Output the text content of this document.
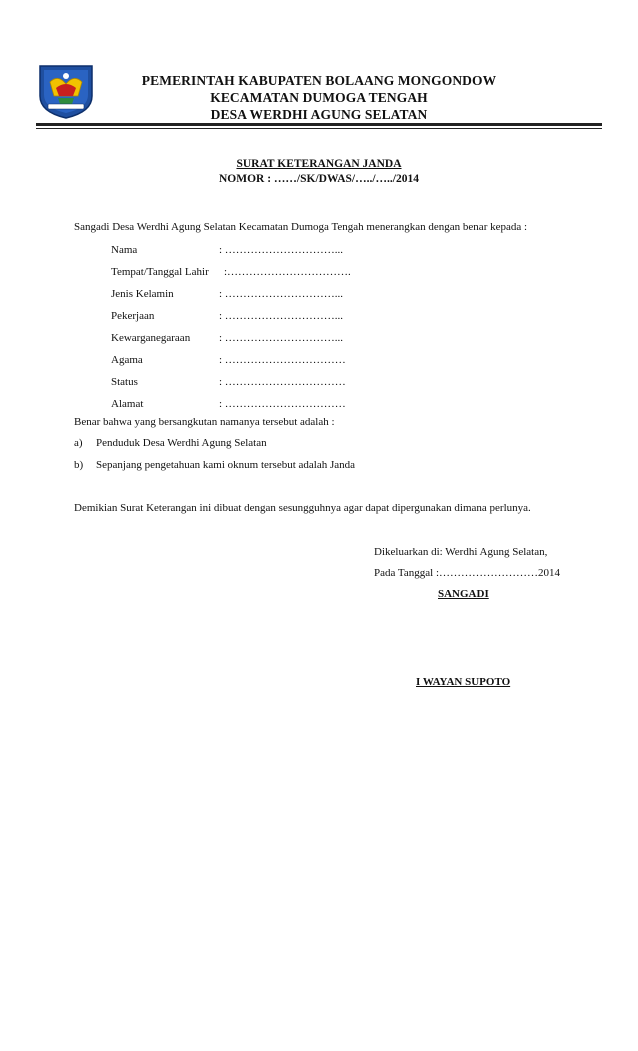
PEMERINTAH KABUPATEN BOLAANG MONGONDOW
KECAMATAN DUMOGA TENGAH
DESA WERDHI AGUNG SELATAN
SURAT KETERANGAN JANDA
NOMOR : ……/SK/DWAS/…../…../2014
Sangadi Desa Werdhi Agung Selatan Kecamatan Dumoga Tengah menerangkan dengan benar kepada :
Nama	: …………………………...
Tempat/Tanggal Lahir :…………………………….
Jenis Kelamin	: …………………………...
Pekerjaan	: …………………………...
Kewarganegaraan	: …………………………...
Agama	: ……………………………
Status	: ……………………………
Alamat	: ……………………………
Benar bahwa yang bersangkutan namanya tersebut adalah :
a) Penduduk Desa Werdhi Agung Selatan
b) Sepanjang pengetahuan kami oknum tersebut adalah Janda
Demikian Surat Keterangan ini dibuat dengan sesungguhnya agar dapat dipergunakan dimana perlunya.
Dikeluarkan di: Werdhi Agung Selatan,
Pada Tanggal :………………………2014
SANGADI
I WAYAN SUPOTO
